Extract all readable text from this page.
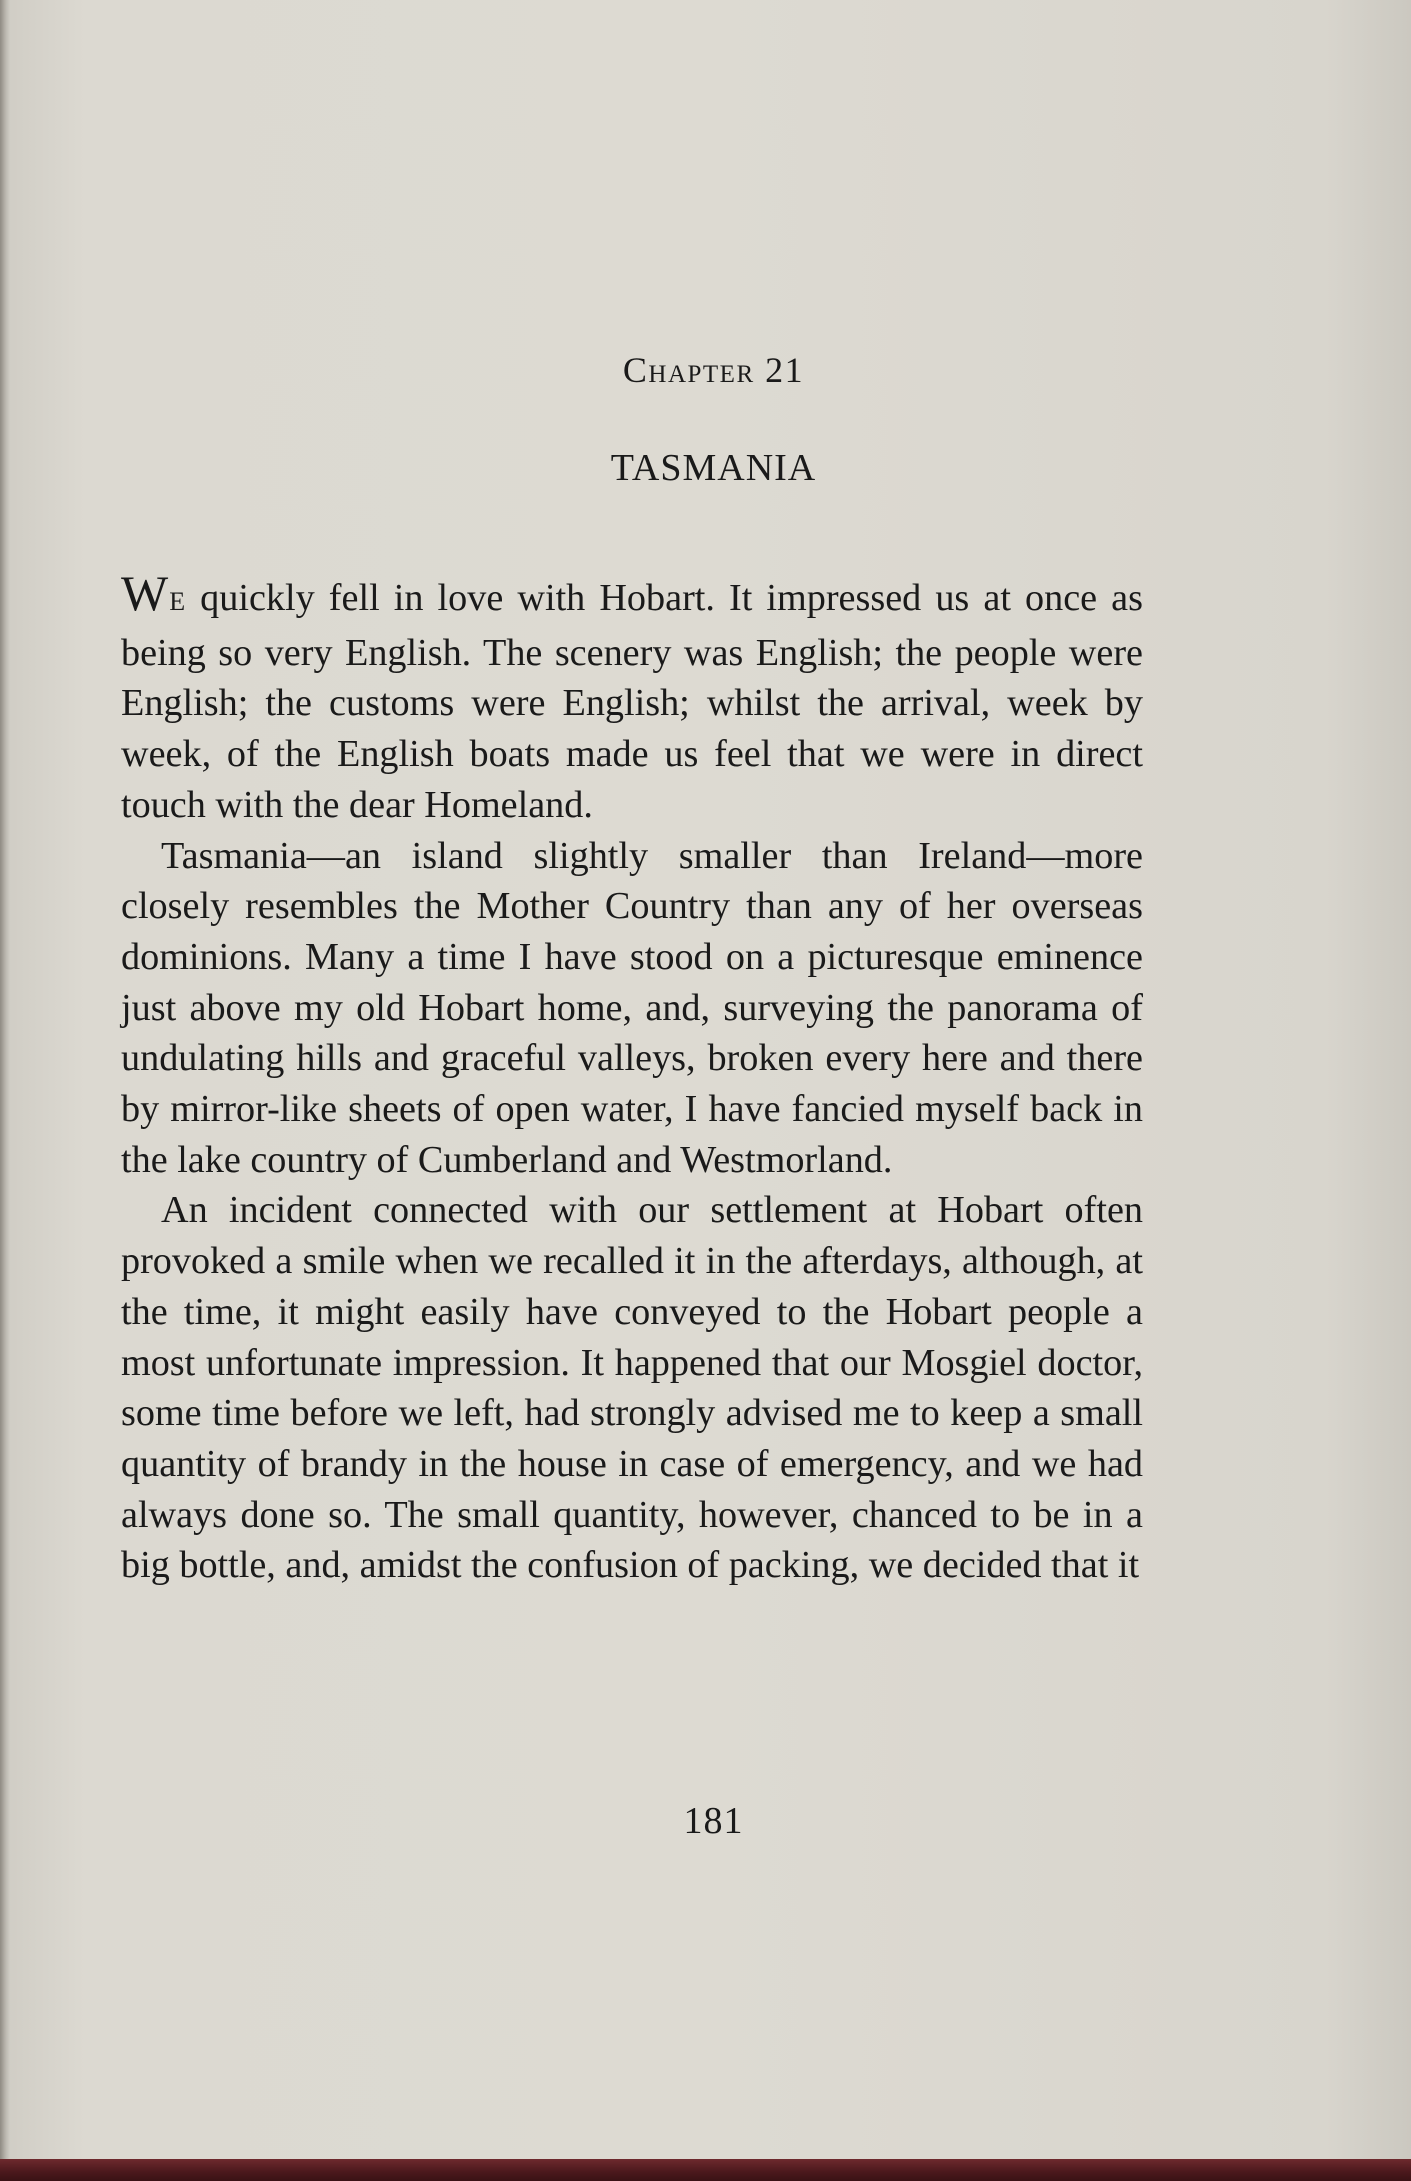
Chapter 21
TASMANIA

WE quickly fell in love with Hobart. It impressed us at once as being so very English. The scenery was English; the people were English; the customs were English; whilst the arrival, week by week, of the English boats made us feel that we were in direct touch with the dear Homeland.

Tasmania—an island slightly smaller than Ireland—more closely resembles the Mother Country than any of her overseas dominions. Many a time I have stood on a picturesque eminence just above my old Hobart home, and, surveying the panorama of undulating hills and graceful valleys, broken every here and there by mirror-like sheets of open water, I have fancied myself back in the lake country of Cumberland and Westmorland.

An incident connected with our settlement at Hobart often provoked a smile when we recalled it in the afterdays, although, at the time, it might easily have conveyed to the Hobart people a most unfortunate impression. It happened that our Mosgiel doctor, some time before we left, had strongly advised me to keep a small quantity of brandy in the house in case of emergency, and we had always done so. The small quantity, however, chanced to be in a big bottle, and, amidst the confusion of packing, we decided that it

181
